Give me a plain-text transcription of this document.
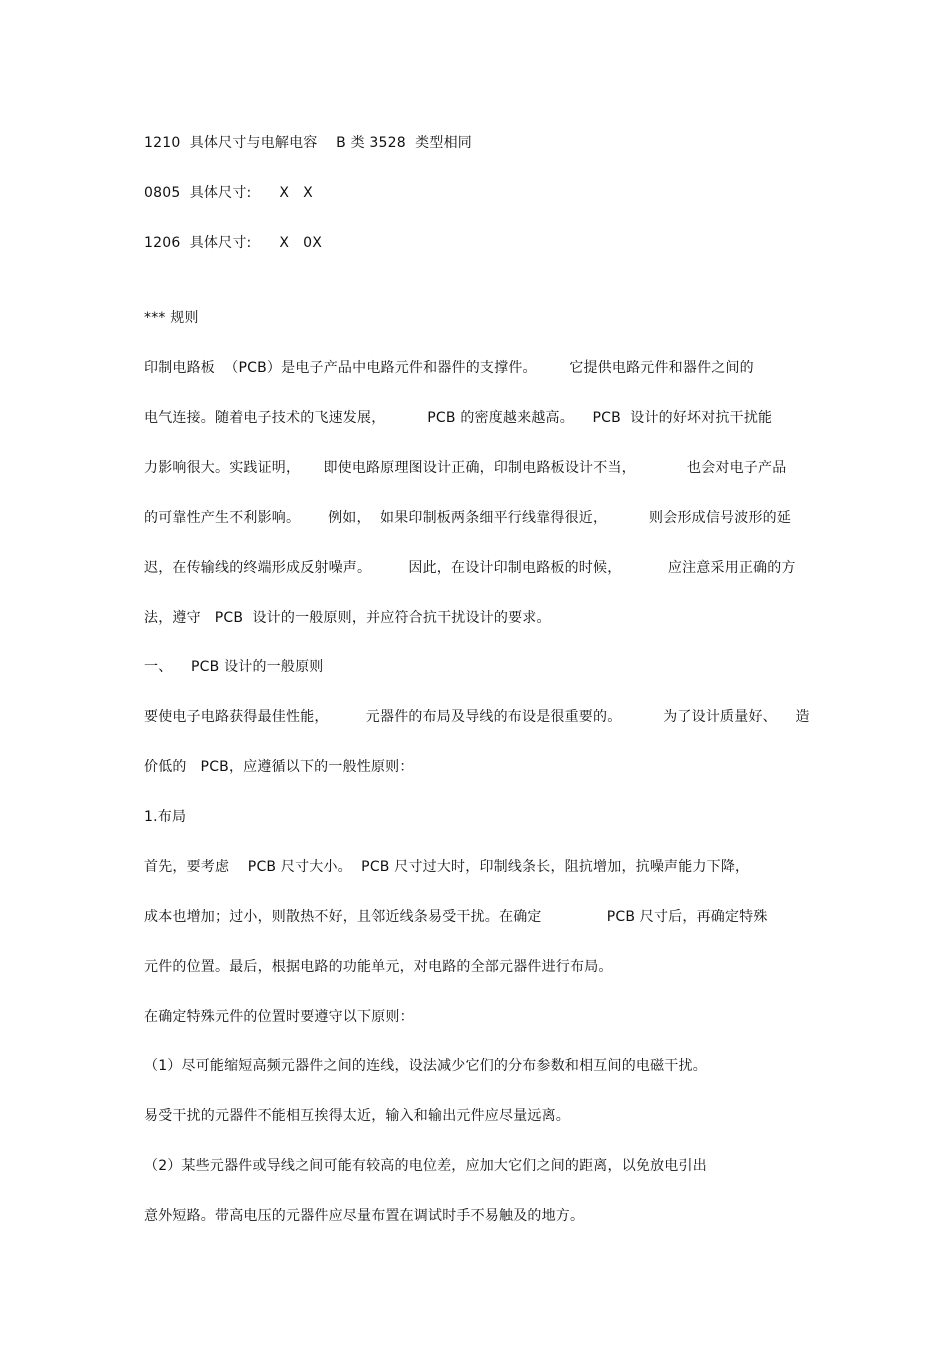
1210  具体尺寸与电解电容    B 类 3528  类型相同
0805  具体尺寸:      X   X
1206  具体尺寸:      X   0X
*** 规则
印制电路板  （PCB）是电子产品中电路元件和器件的支撑件。       它提供电路元件和器件之间的
电气连接。随着电子技术的飞速发展，         PCB 的密度越来越高。    PCB  设计的好坏对抗干扰能
力影响很大。实践证明，     即使电路原理图设计正确，印制电路板设计不当，           也会对电子产品
的可靠性产生不利影响。      例如，  如果印制板两条细平行线靠得很近，         则会形成信号波形的延
迟，在传输线的终端形成反射噪声。        因此，在设计印制电路板的时候，          应注意采用正确的方
法，遵守   PCB  设计的一般原则，并应符合抗干扰设计的要求。
一、    PCB 设计的一般原则
要使电子电路获得最佳性能，        元器件的布局及导线的布设是很重要的。         为了设计质量好、    造
价低的   PCB，应遵循以下的一般性原则：
1.布局
首先，要考虑    PCB 尺寸大小。  PCB 尺寸过大时，印制线条长，阻抗增加，抗噪声能力下降，
成本也增加；过小，则散热不好，且邻近线条易受干扰。在确定              PCB 尺寸后，再确定特殊
元件的位置。最后，根据电路的功能单元，对电路的全部元器件进行布局。
在确定特殊元件的位置时要遵守以下原则：
（1）尽可能缩短高频元器件之间的连线，设法减少它们的分布参数和相互间的电磁干扰。
易受干扰的元器件不能相互挨得太近，输入和输出元件应尽量远离。
（2）某些元器件或导线之间可能有较高的电位差，应加大它们之间的距离，以免放电引出
意外短路。带高电压的元器件应尽量布置在调试时手不易触及的地方。
